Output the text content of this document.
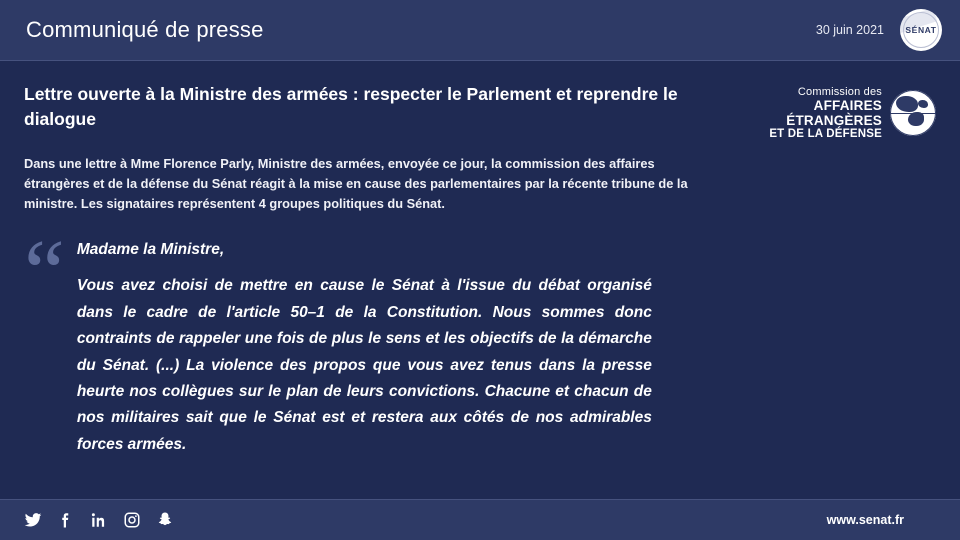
Communiqué de presse	30 juin 2021	SÉNAT
Lettre ouverte à la Ministre des armées : respecter le Parlement et reprendre le dialogue
Commission des
AFFAIRES ÉTRANGÈRES
ET DE LA DÉFENSE
Dans une lettre à Mme Florence Parly, Ministre des armées, envoyée ce jour, la commission des affaires étrangères et de la défense du Sénat réagit à la mise en cause des parlementaires par la récente tribune de la ministre. Les signataires représentent 4 groupes politiques du Sénat.
“ Madame la Ministre,
Vous avez choisi de mettre en cause le Sénat à l'issue du débat organisé dans le cadre de l'article 50–1 de la Constitution. Nous sommes donc contraints de rappeler une fois de plus le sens et les objectifs de la démarche du Sénat. (...) La violence des propos que vous avez tenus dans la presse heurte nos collègues sur le plan de leurs convictions. Chacune et chacun de nos militaires sait que le Sénat est et restera aux côtés de nos admirables forces armées.
www.senat.fr
